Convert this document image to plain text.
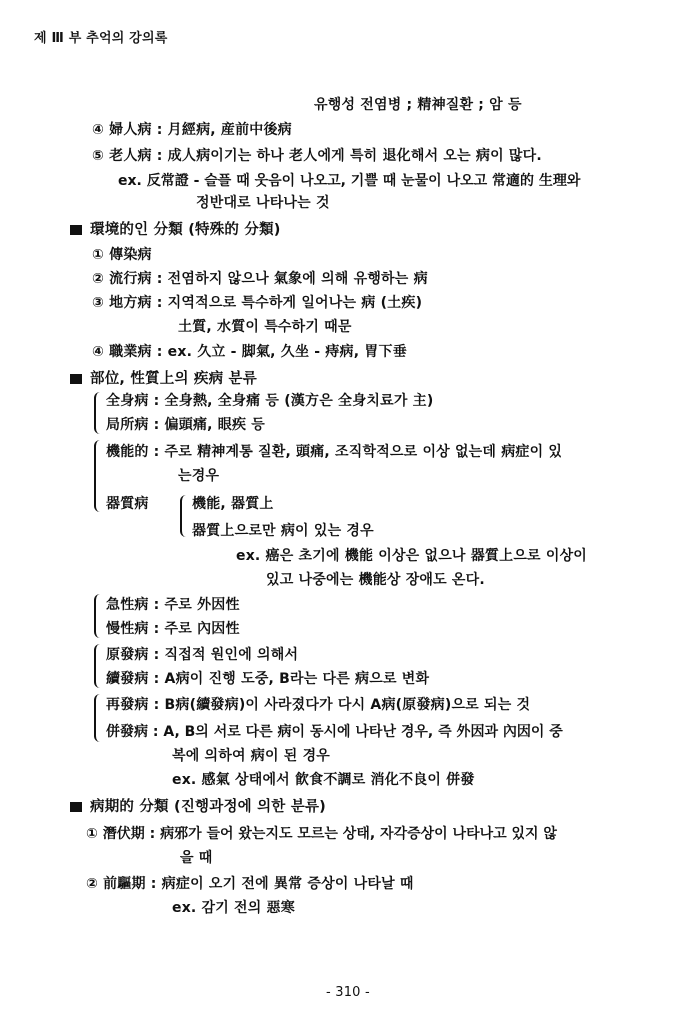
제 Ⅲ 부 추억의 강의록
유행성 전염병 ; 精神질환 ; 암 등
④ 婦人病 : 月經病, 産前中後病
⑤ 老人病 : 成人病이기는 하나 老人에게 특히 退化해서 오는 病이 많다.
ex. 反常證 - 슬플 때 웃음이 나오고, 기쁠 때 눈물이 나오고 常適的 生理와
정반대로 나타나는 것
環境的인 分類 (特殊的 分類)
① 傳染病
② 流行病 : 전염하지 않으나 氣象에 의해 유행하는 病
③ 地方病 : 지역적으로 특수하게 일어나는 病 (土疾)
土質, 水質이 특수하기 때문
④ 職業病 : ex. 久立 - 脚氣, 久坐 - 痔病, 胃下垂
部位, 性質上의 疾病 분류
全身病 : 全身熱, 全身痛 등 (漢方은 全身치료가 主)
局所病 : 偏頭痛, 眼疾 등
機能的 : 주로 精神계통 질환, 頭痛, 조직학적으로 이상 없는데 病症이 있
는경우
器質病	機能, 器質上
器質上으로만 病이 있는 경우
ex. 癌은 초기에 機能 이상은 없으나 器質上으로 이상이
있고 나중에는 機能상 장애도 온다.
急性病 : 주로 外因性
慢性病 : 주로 內因性
原發病 : 직접적 원인에 의해서
續發病 : A病이 진행 도중, B라는 다른 病으로 변화
再發病 : B病(續發病)이 사라졌다가 다시 A病(原發病)으로 되는 것
併發病 : A, B의 서로 다른 病이 동시에 나타난 경우, 즉 外因과 內因이 중
복에 의하여 病이 된 경우
ex. 感氣 상태에서 飮食不調로 消化不良이 併發
病期的 分類 (진행과정에 의한 분류)
① 潛伏期 : 病邪가 들어 왔는지도 모르는 상태, 자각증상이 나타나고 있지 않
을 때
② 前驅期 : 病症이 오기 전에 異常 증상이 나타날 때
ex. 감기 전의 惡寒
- 310 -
